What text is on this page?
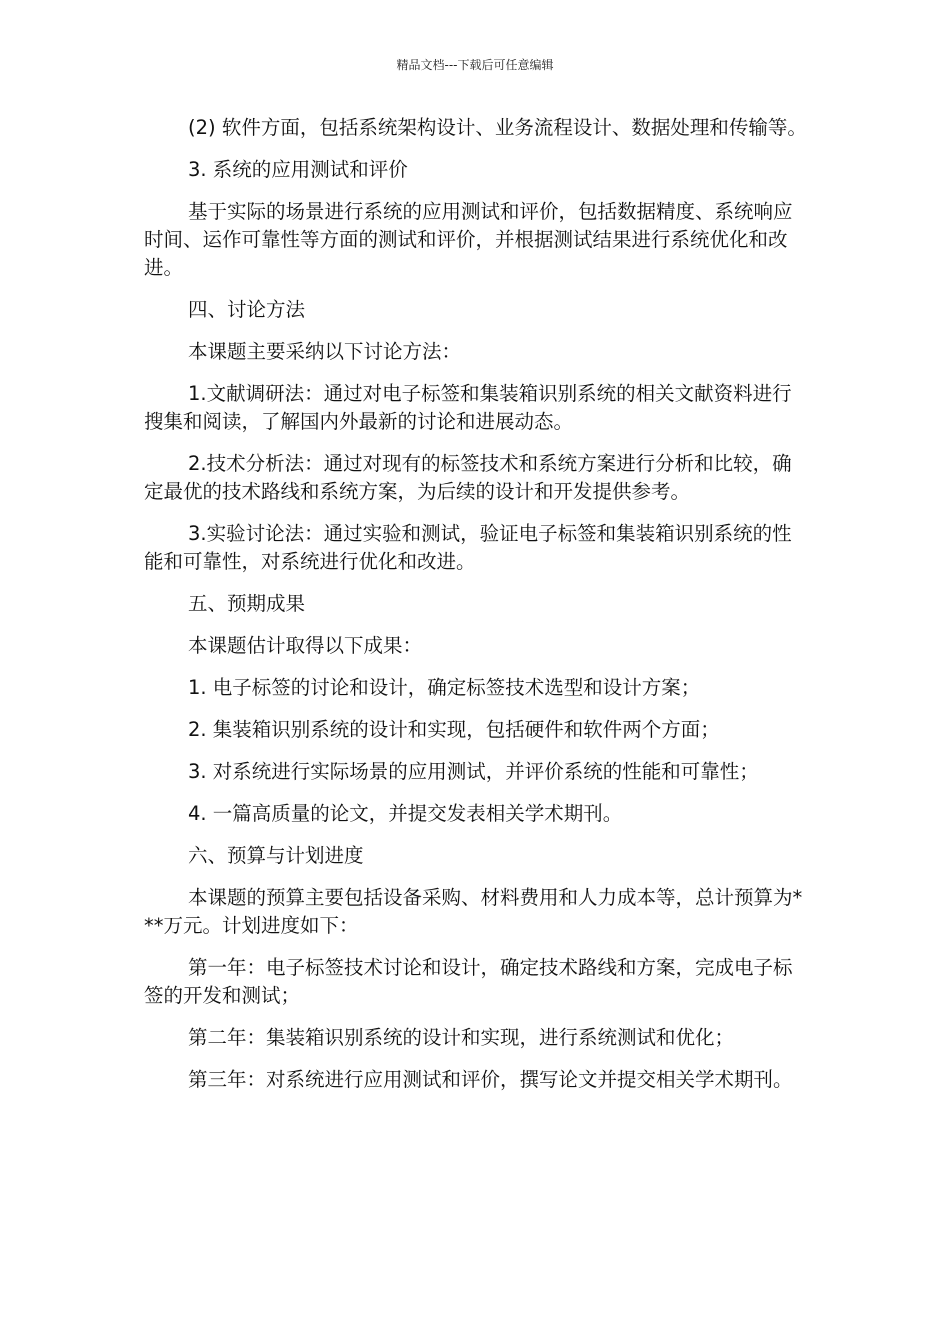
精品文档---下载后可任意编辑

(2) 软件方面，包括系统架构设计、业务流程设计、数据处理和传输等。

3. 系统的应用测试和评价

基于实际的场景进行系统的应用测试和评价，包括数据精度、系统响应时间、运作可靠性等方面的测试和评价，并根据测试结果进行系统优化和改进。

四、讨论方法

本课题主要采纳以下讨论方法：

1.文献调研法：通过对电子标签和集装箱识别系统的相关文献资料进行搜集和阅读，了解国内外最新的讨论和进展动态。

2.技术分析法：通过对现有的标签技术和系统方案进行分析和比较，确定最优的技术路线和系统方案，为后续的设计和开发提供参考。

3.实验讨论法：通过实验和测试，验证电子标签和集装箱识别系统的性能和可靠性，对系统进行优化和改进。

五、预期成果

本课题估计取得以下成果：

1. 电子标签的讨论和设计，确定标签技术选型和设计方案；

2. 集装箱识别系统的设计和实现，包括硬件和软件两个方面；

3. 对系统进行实际场景的应用测试，并评价系统的性能和可靠性；

4. 一篇高质量的论文，并提交发表相关学术期刊。

六、预算与计划进度

本课题的预算主要包括设备采购、材料费用和人力成本等，总计预算为***万元。计划进度如下：

第一年：电子标签技术讨论和设计，确定技术路线和方案，完成电子标签的开发和测试；

第二年：集装箱识别系统的设计和实现，进行系统测试和优化；

第三年：对系统进行应用测试和评价，撰写论文并提交相关学术期刊。
